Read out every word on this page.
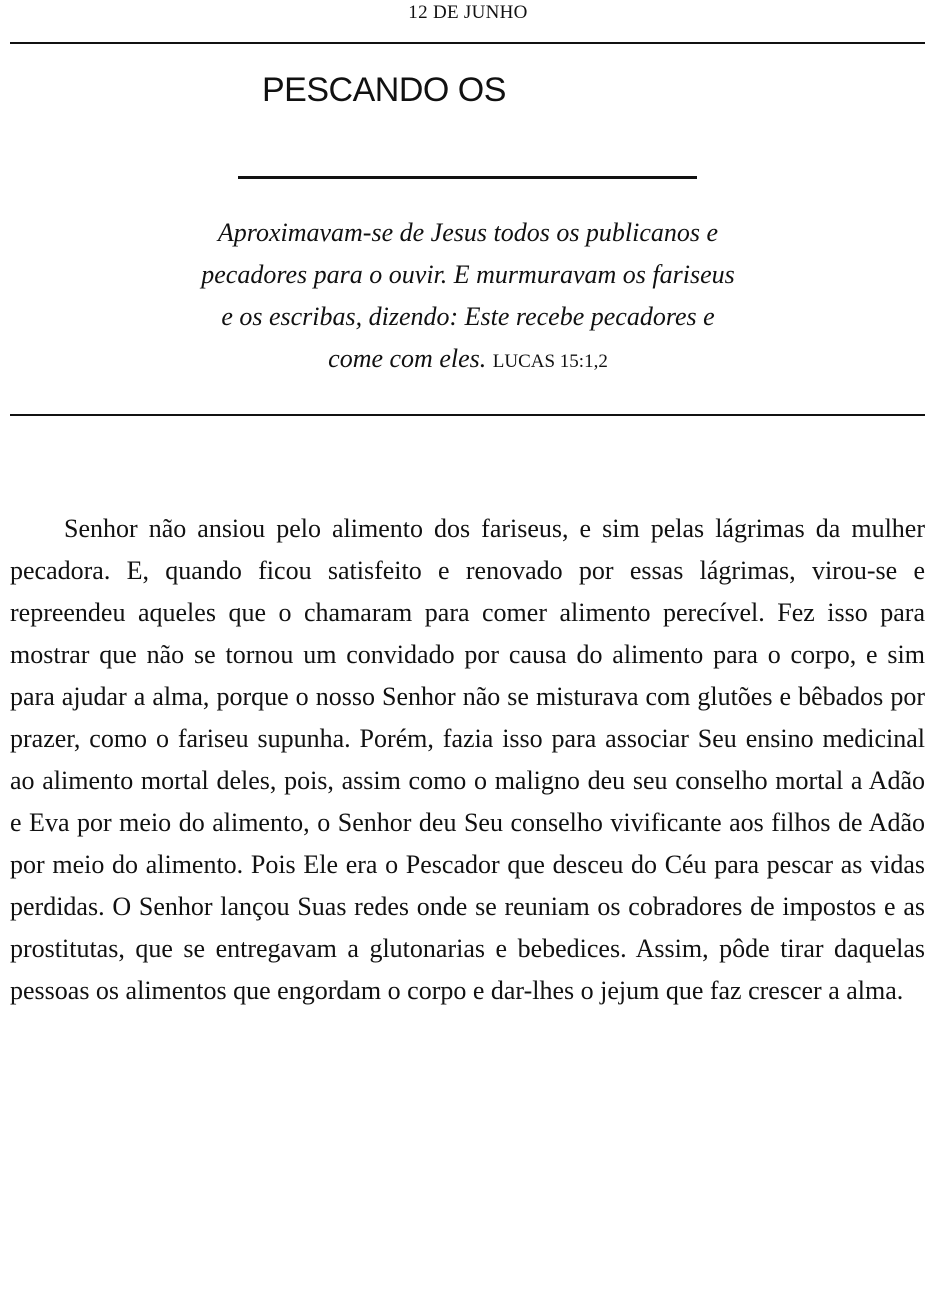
12 DE JUNHO
PESCANDO OS
Aproximavam-se de Jesus todos os publicanos e
pecadores para o ouvir. E murmuravam os fariseus
e os escribas, dizendo: Este recebe pecadores e
come com eles. LUCAS 15:1,2

Senhor não ansiou pelo alimento dos fariseus, e sim pelas lágrimas da mulher pecadora. E, quando ficou satisfeito e renovado por essas lágrimas, virou-se e repreendeu aqueles que o chamaram para comer alimento perecível. Fez isso para mostrar que não se tornou um convidado por causa do alimento para o corpo, e sim para ajudar a alma, porque o nosso Senhor não se misturava com glutões e bêbados por prazer, como o fariseu supunha. Porém, fazia isso para associar Seu ensino medicinal ao alimento mortal deles, pois, assim como o maligno deu seu conselho mortal a Adão e Eva por meio do alimento, o Senhor deu Seu conselho vivificante aos filhos de Adão por meio do alimento. Pois Ele era o Pescador que desceu do Céu para pescar as vidas perdidas. O Senhor lançou Suas redes onde se reuniam os cobradores de impostos e as prostitutas, que se entregavam a glutonarias e bebedices. Assim, pôde tirar daquelas pessoas os alimentos que engordam o corpo e dar-lhes o jejum que faz crescer a alma.
